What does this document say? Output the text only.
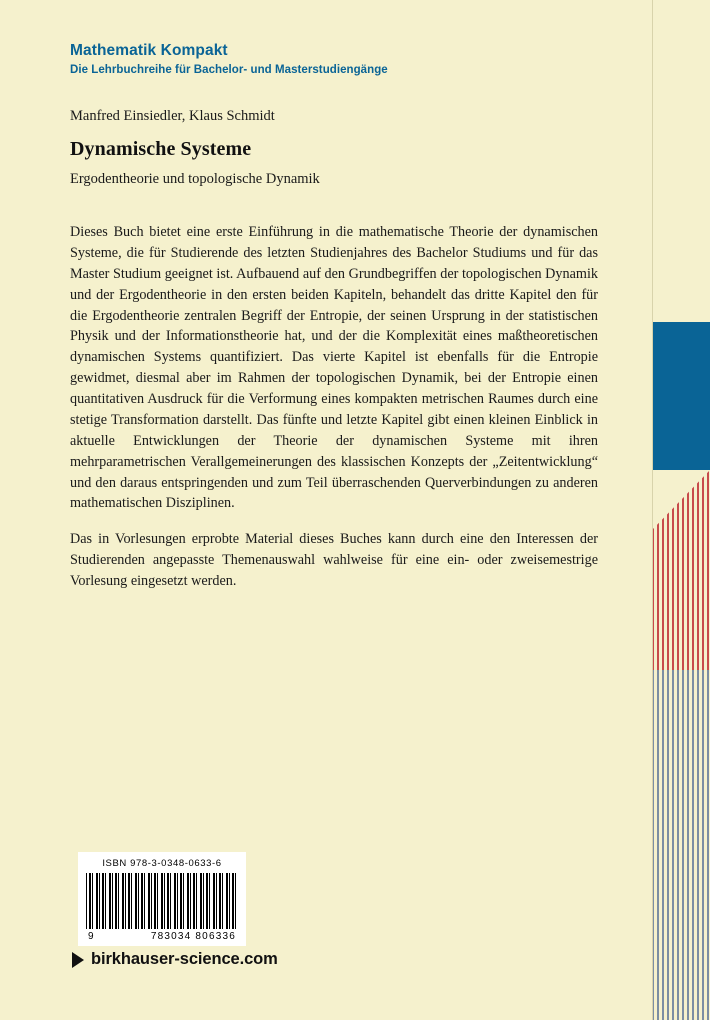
Mathematik Kompakt
Die Lehrbuchreihe für Bachelor- und Masterstudiengänge
Manfred Einsiedler, Klaus Schmidt
Dynamische Systeme
Ergodentheorie und topologische Dynamik

Dieses Buch bietet eine erste Einführung in die mathematische Theorie der dynamischen Systeme, die für Studierende des letzten Studienjahres des Bachelor Studiums und für das Master Studium geeignet ist. Aufbauend auf den Grundbegriffen der topologischen Dynamik und der Ergodentheorie in den ersten beiden Kapiteln, behandelt das dritte Kapitel den für die Ergodentheorie zentralen Begriff der Entropie, der seinen Ursprung in der statistischen Physik und der Informationstheorie hat, und der die Komplexität eines maßtheoretischen dynamischen Systems quantifiziert. Das vierte Kapitel ist ebenfalls für die Entropie gewidmet, diesmal aber im Rahmen der topologischen Dynamik, bei der Entropie einen quantitativen Ausdruck für die Verformung eines kompakten metrischen Raumes durch eine stetige Transformation darstellt. Das fünfte und letzte Kapitel gibt einen kleinen Einblick in aktuelle Entwicklungen der Theorie der dynamischen Systeme mit ihren mehrparametrischen Verallgemeinerungen des klassischen Konzepts der „Zeitentwicklung“ und den daraus entspringenden und zum Teil überraschenden Querverbindungen zu anderen mathematischen Disziplinen.

Das in Vorlesungen erprobte Material dieses Buches kann durch eine den Interessen der Studierenden angepasste Themenauswahl wahlweise für eine ein- oder zweisemestrige Vorlesung eingesetzt werden.

ISBN 978-3-0348-0633-6
9	783034 806336
birkhauser-science.com
